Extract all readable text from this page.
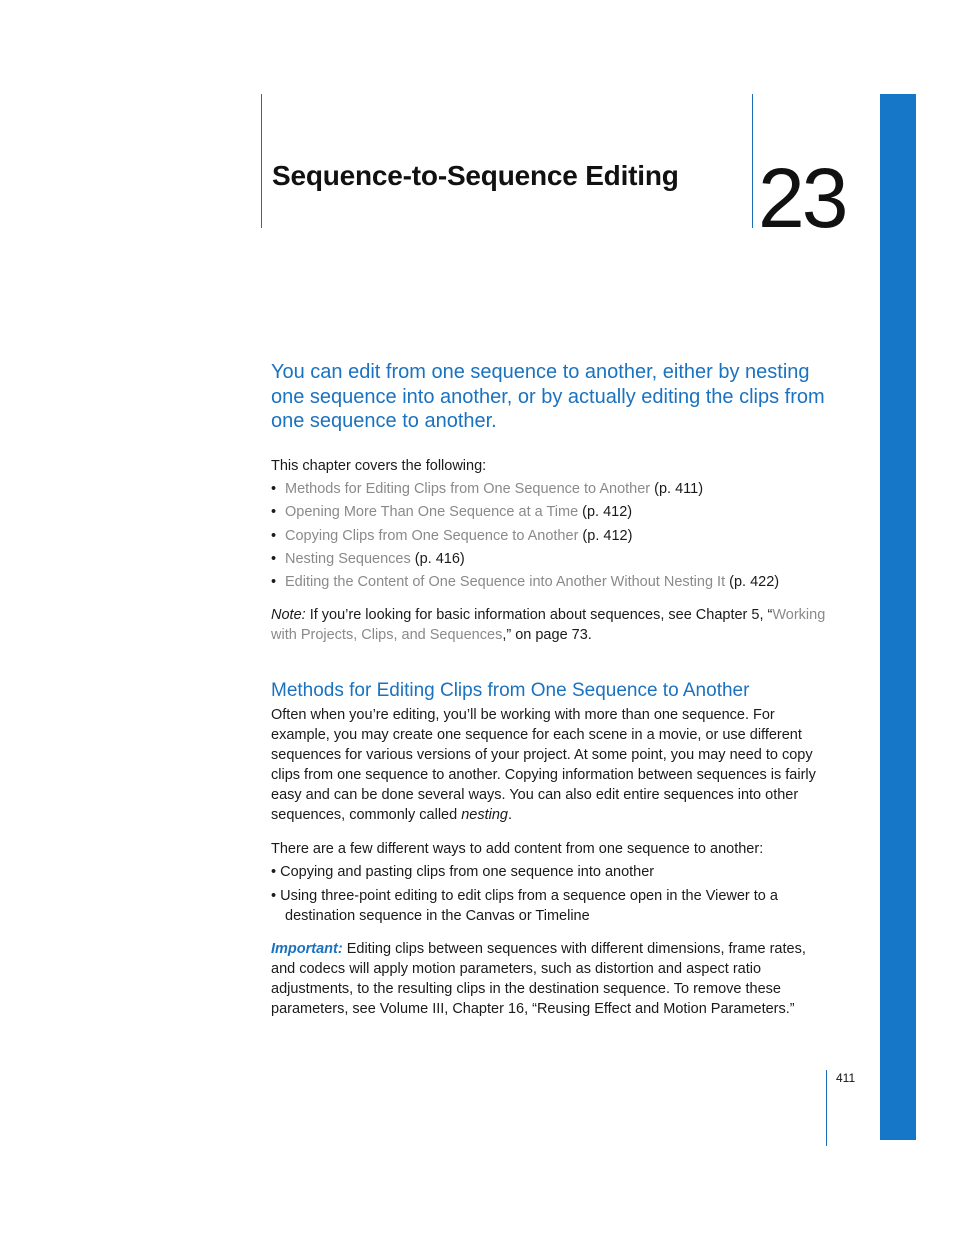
Sequence-to-Sequence Editing 23

You can edit from one sequence to another, either by nesting one sequence into another, or by actually editing the clips from one sequence to another.

This chapter covers the following:

• Methods for Editing Clips from One Sequence to Another (p. 411)
• Opening More Than One Sequence at a Time (p. 412)
• Copying Clips from One Sequence to Another (p. 412)
• Nesting Sequences (p. 416)
• Editing the Content of One Sequence into Another Without Nesting It (p. 422)

Note: If you’re looking for basic information about sequences, see Chapter 5, “Working with Projects, Clips, and Sequences,” on page 73.

Methods for Editing Clips from One Sequence to Another

Often when you’re editing, you’ll be working with more than one sequence. For example, you may create one sequence for each scene in a movie, or use different sequences for various versions of your project. At some point, you may need to copy clips from one sequence to another. Copying information between sequences is fairly easy and can be done several ways. You can also edit entire sequences into other sequences, commonly called nesting.

There are a few different ways to add content from one sequence to another:

• Copying and pasting clips from one sequence into another
• Using three-point editing to edit clips from a sequence open in the Viewer to a destination sequence in the Canvas or Timeline

Important: Editing clips between sequences with different dimensions, frame rates, and codecs will apply motion parameters, such as distortion and aspect ratio adjustments, to the resulting clips in the destination sequence. To remove these parameters, see Volume III, Chapter 16, “Reusing Effect and Motion Parameters.”

411
